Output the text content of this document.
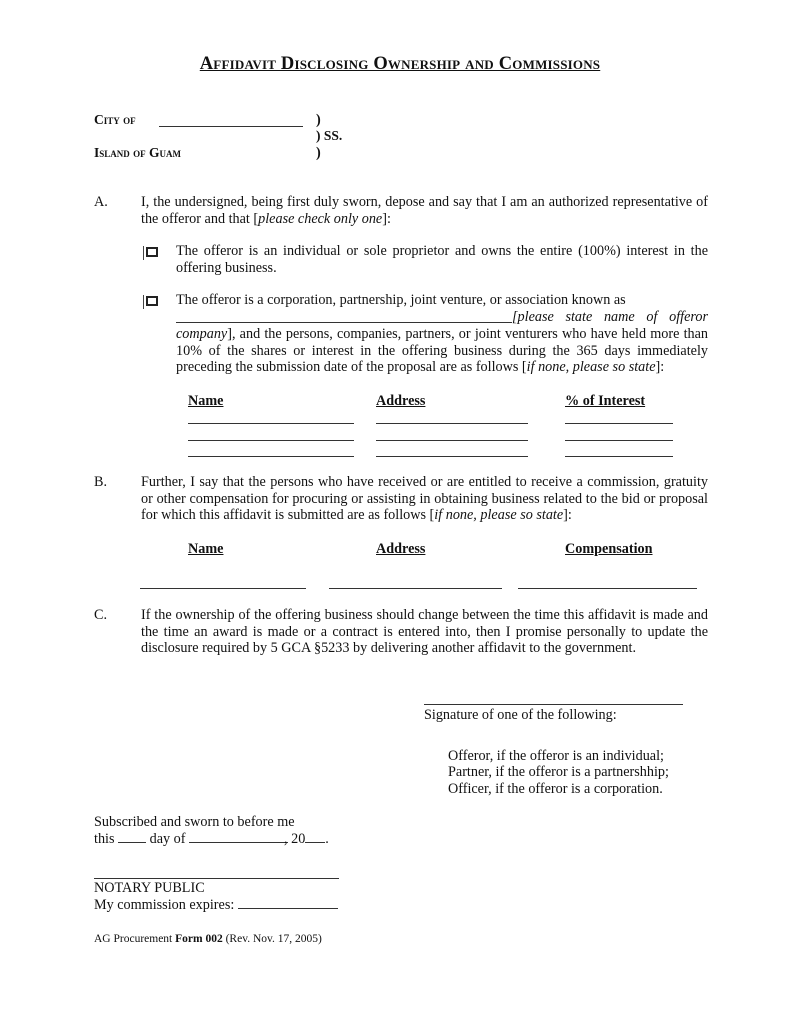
Affidavit Disclosing Ownership and Commissions
City of	)
) SS.
Island of Guam	)
A. I, the undersigned, being first duly sworn, depose and say that I am an authorized representative of the offeror and that [please check only one]:
The offeror is an individual or sole proprietor and owns the entire (100%) interest in the offering business.
The offeror is a corporation, partnership, joint venture, or association known as
[please state name of offeror
company], and the persons, companies, partners, or joint venturers who have held more than 10% of the shares or interest in the offering business during the 365 days immediately preceding the submission date of the proposal are as follows [if none, please so state]:
Name	Address	% of Interest
B. Further, I say that the persons who have received or are entitled to receive a commission, gratuity or other compensation for procuring or assisting in obtaining business related to the bid or proposal for which this affidavit is submitted are as follows [if none, please so state]:
Name	Address	Compensation
C. If the ownership of the offering business should change between the time this affidavit is made and the time an award is made or a contract is entered into, then I promise personally to update the disclosure required by 5 GCA §5233 by delivering another affidavit to the government.
Signature of one of the following:
Offeror, if the offeror is an individual;
Partner, if the offeror is a partnershhip;
Officer, if the offeror is a corporation.
Subscribed and sworn to before me
this day of	, 20 .
NOTARY PUBLIC
My commission expires:
AG Procurement Form 002 (Rev. Nov. 17, 2005)
